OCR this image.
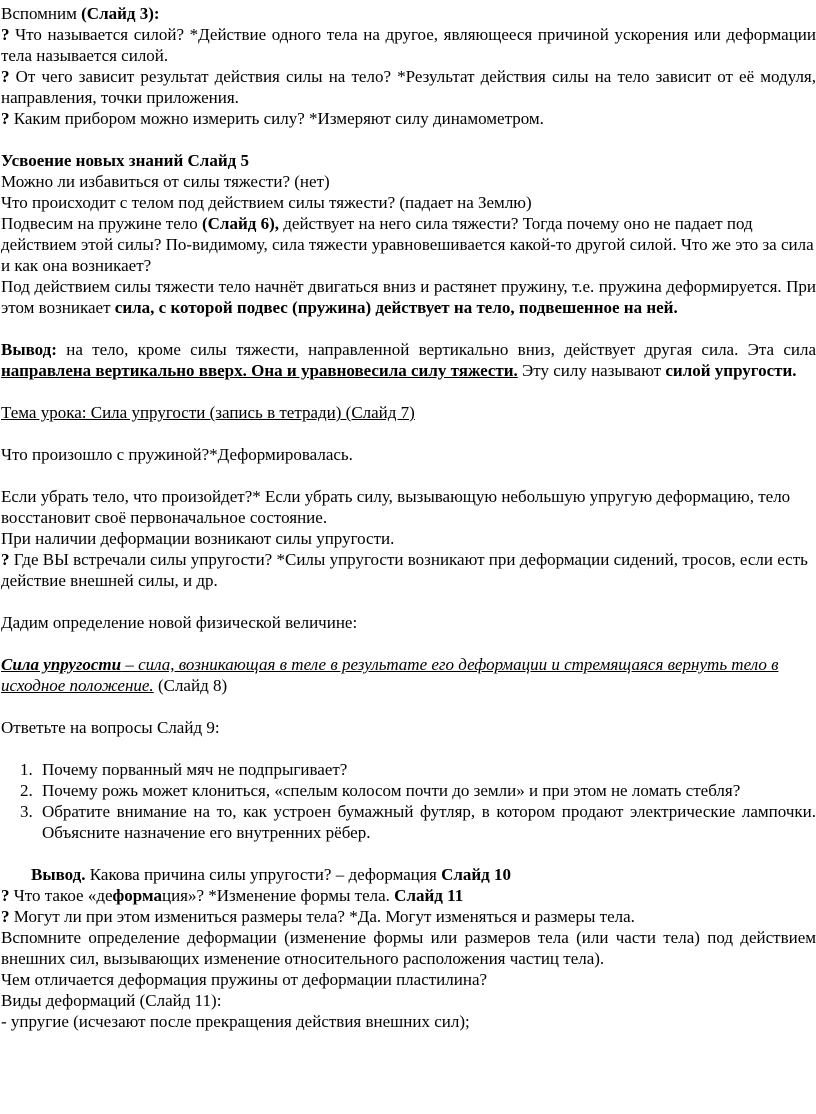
Вспомним (Слайд 3):

? Что называется силой? *Действие одного тела на другое, являющееся причиной ускорения или деформации тела называется силой.

? От чего зависит результат действия силы на тело? *Результат действия силы на тело зависит от её модуля, направления, точки приложения.

? Каким прибором можно измерить силу? *Измеряют силу динамометром.

Усвоение новых знаний Слайд 5

Можно ли избавиться от силы тяжести? (нет)

Что происходит с телом под действием силы тяжести? (падает на Землю)

Подвесим на пружине тело (Слайд 6), действует на него сила тяжести? Тогда почему оно не падает под действием этой силы? По-видимому, сила тяжести уравновешивается какой-то другой силой. Что же это за сила и как она возникает?

Под действием силы тяжести тело начнёт двигаться вниз и растянет пружину, т.е. пружина деформируется. При этом возникает сила, с которой подвес (пружина) действует на тело, подвешенное на ней.

Вывод: на тело, кроме силы тяжести, направленной вертикально вниз, действует другая сила. Эта сила направлена вертикально вверх. Она и уравновесила силу тяжести. Эту силу называют силой упругости.

Тема урока: Сила упругости (запись в тетради) (Слайд 7)

Что произошло с пружиной?*Деформировалась.

Если убрать тело, что произойдет?* Если убрать силу, вызывающую небольшую упругую деформацию, тело восстановит своё первоначальное состояние.

При наличии деформации возникают силы упругости.

? Где ВЫ встречали силы упругости? *Силы упругости возникают при деформации сидений, тросов, если есть действие внешней силы, и др.

Дадим определение новой физической величине:

Сила упругости – сила, возникающая в теле в результате его деформации и стремящаяся вернуть тело в исходное положение. (Слайд 8)

Ответьте на вопросы Слайд 9:

1. Почему порванный мяч не подпрыгивает?
2. Почему рожь может клониться, «спелым колосом почти до земли» и при этом не ломать стебля?
3. Обратите внимание на то, как устроен бумажный футляр, в котором продают электрические лампочки. Объясните назначение его внутренних рёбер.

Вывод. Какова причина силы упругости? – деформация Слайд 10

? Что такое «деформация»? *Изменение формы тела. Слайд 11

? Могут ли при этом измениться размеры тела? *Да. Могут изменяться и размеры тела.

Вспомните определение деформации (изменение формы или размеров тела (или части тела) под действием внешних сил, вызывающих изменение относительного расположения частиц тела).

Чем отличается деформация пружины от деформации пластилина?

Виды деформаций (Слайд 11):

- упругие (исчезают после прекращения действия внешних сил);
